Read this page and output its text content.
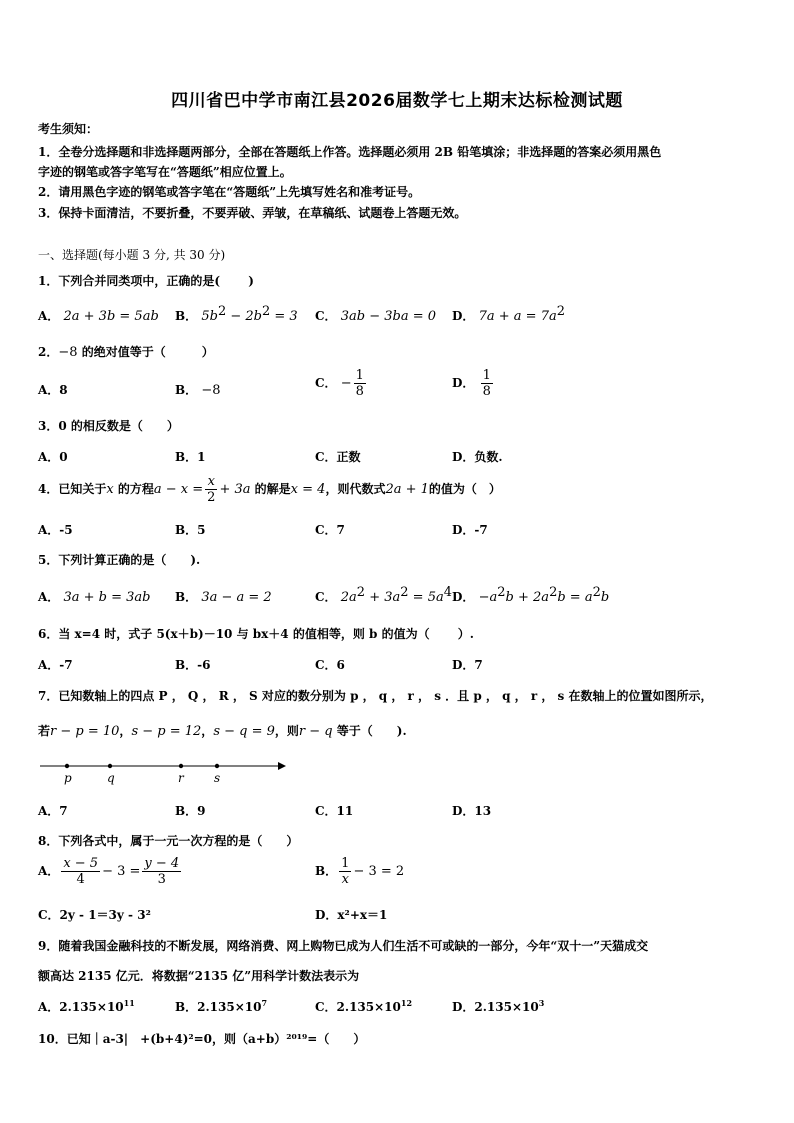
四川省巴中学市南江县2026届数学七上期末达标检测试题
考生须知：
1．全卷分选择题和非选择题两部分，全部在答题纸上作答。选择题必须用 2B 铅笔填涂；非选择题的答案必须用黑色
字迹的钢笔或答字笔写在“答题纸”相应位置上。
2．请用黑色字迹的钢笔或答字笔在“答题纸”上先填写姓名和准考证号。
3．保持卡面清洁，不要折叠，不要弄破、弄皱，在草稿纸、试题卷上答题无效。
一、选择题(每小题 3 分, 共 30 分)
1．下列合并同类项中，正确的是(　　 )
A． 2a + 3b = 5ab B． $5b^2 - 2b^2 = 3$ C． 3ab − 3ba = 0 D． $7a + a = 7a^2$
2．−8 的绝对值等于（　　　）
A．8	B． −8	C． − $\frac{1}{8}$	D． $\frac{1}{8}$
3．0 的相反数是（　　）
A．0	B．1	C．正数	D．负数.
4．已知关于x 的方程$a - x = \frac{x}{2} + 3a$ 的解是x = 4，则代数式2a + 1的值为（　）
A．-5	B．5	C．7	D．-7
5．下列计算正确的是（　　).
A． 3a + b = 3ab B． 3a − a = 2	C． $2a^2 + 3a^2 = 5a^4$ D． $-a^2b + 2a^2b = a^2b$
6．当 x=4 时，式子 5(x＋b)－10 与 bx＋4 的值相等，则 b 的值为（　　 ）.
A．-7	B．-6	C．6	D．7
7．已知数轴上的四点 P ， Q ， R ， S 对应的数分别为 p ， q ， r ， s ．且 p ， q ， r ， s 在数轴上的位置如图所示，
若r − p = 10，s − p = 12，s − q = 9，则r − q 等于（　　).
p	q	r	s
A．7	B．9	C．11	D．13
8．下列各式中，属于一元一次方程的是（　　）
A． $\frac{x - 5}{4} - 3 = \frac{y - 4}{3}$	B． $\frac{1}{x} - 3 = 2$
C．2y - 1＝3y - 3²	D．x²+x＝1
9．随着我国金融科技的不断发展，网络消费、网上购物已成为人们生活不可或缺的一部分，今年“双十一”天猫成交
额高达 2135 亿元．将数据“2135 亿”用科学计数法表示为
A．$2.135\times 10^{11}$	B．$2.135\times 10^7$	C．$2.135\times 10^{12}$	D．$2.135\times 10^3$
10．已知｜a-3|　+(b+4)²=0，则（a+b）²⁰¹⁹=（　　）
